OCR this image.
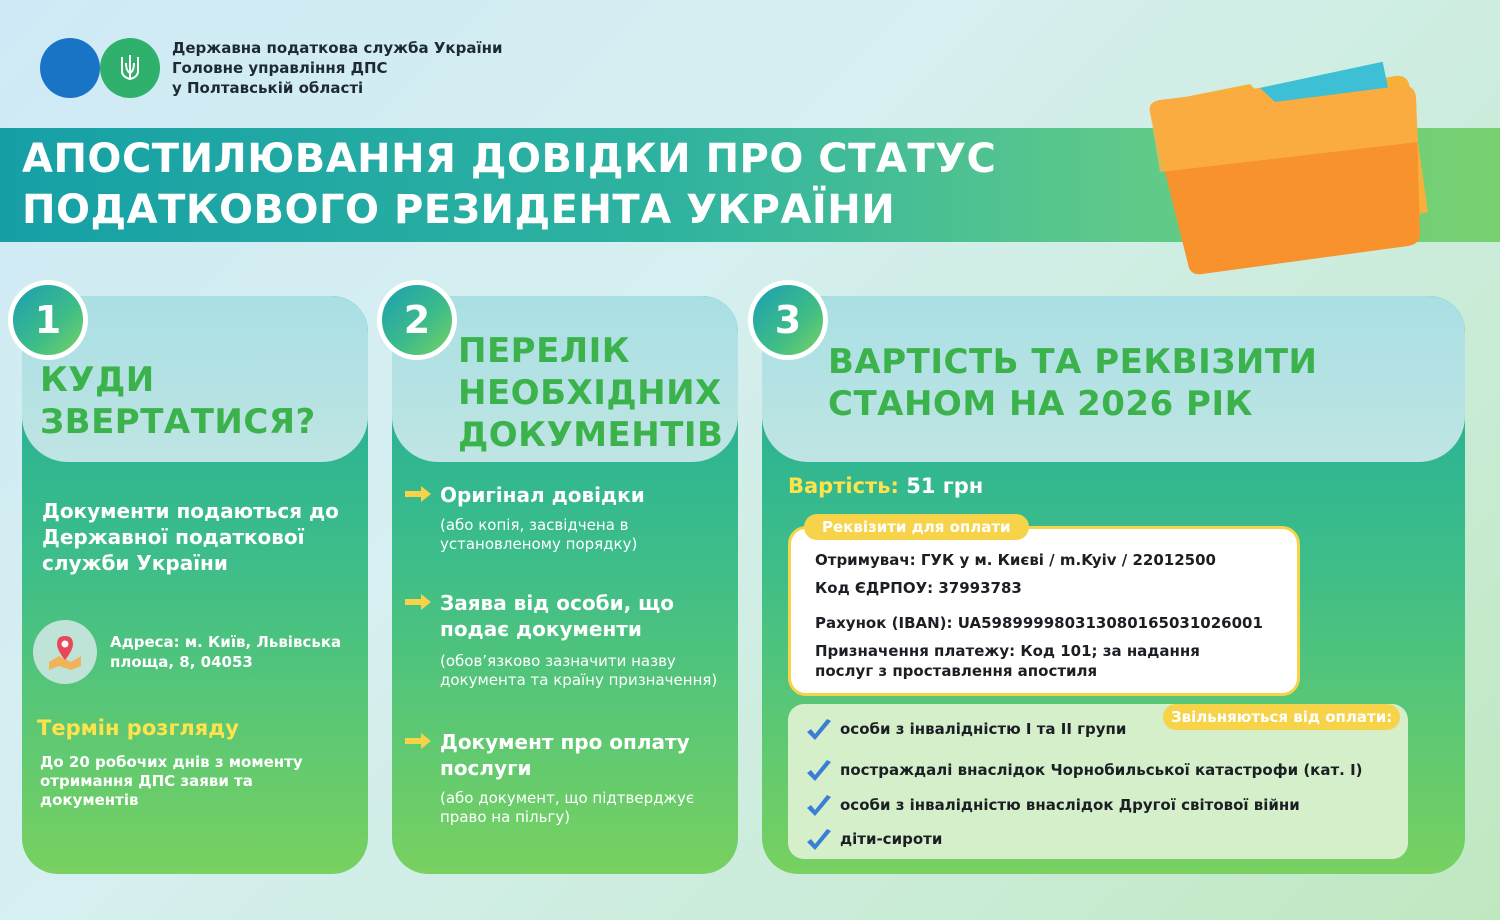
Державна податкова служба України
Головне управління ДПС
у Полтавській області
АПОСТИЛЮВАННЯ ДОВІДКИ ПРО СТАТУС
ПОДАТКОВОГО РЕЗИДЕНТА УКРАЇНИ
1
КУДИ
ЗВЕРТАТИСЯ?
Документи подаються до Державної податкової служби України
Адреса: м. Київ, Львівська площа, 8, 04053
Термін розгляду
До 20 робочих днів з моменту отримання ДПС заяви та документів
2
ПЕРЕЛІК
НЕОБХІДНИХ
ДОКУМЕНТІВ
Оригінал довідки
(або копія, засвідчена в установленому порядку)
Заява від особи, що подає документи
(обов’язково зазначити назву документа та країну призначення)
Документ про оплату послуги
(або документ, що підтверджує право на пільгу)
3
ВАРТІСТЬ ТА РЕКВІЗИТИ
СТАНОМ НА 2026 РІК
Вартість: 51 грн
Реквізити для оплати
Отримувач: ГУК у м. Києві / m.Kyiv / 22012500
Код ЄДРПОУ: 37993783
Рахунок (IBAN): UA598999980313080165031026001
Призначення платежу: Код 101; за надання
послуг з проставлення апостиля
Звільняються від оплати:
особи з інвалідністю I та II групи
постраждалі внаслідок Чорнобильської катастрофи (кат. I)
особи з інвалідністю внаслідок Другої світової війни
діти-сироти
